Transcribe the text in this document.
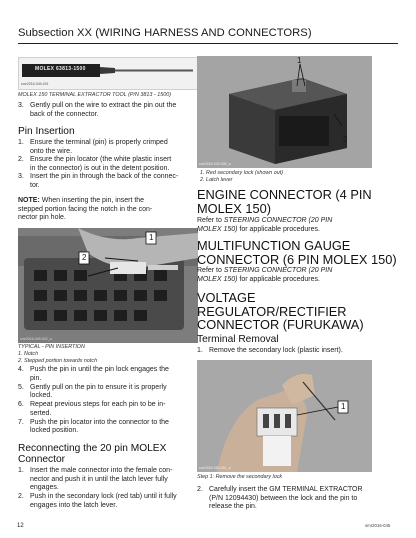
Subsection XX (WIRING HARNESS AND CONNECTORS)
MOLEX 63813-1500
smr2016-049-001
MOLEX 150 TERMINAL EXTRACTOR TOOL (P/N 3813 - 1500)
3. Gently pull on the wire to extract the pin out the
back of the connector.
Pin Insertion
1. Ensure the terminal (pin) is properly crimped
onto the wire.
2. Ensure the pin locator (the white plastic insert
in the connector) is out in the detent position.
3. Insert the pin in through the back of the connec-
tor.
NOTE: When inserting the pin, insert the
stepped portion facing the notch in the con-
nector pin hole.
1
2
smr2016-049-002_a
TYPICAL - PIN INSERTION
1. Notch
2. Stepped portion towards notch
4. Push the pin in until the pin lock engages the
pin.
5. Gently pull on the pin to ensure it is properly
locked.
6. Repeat previous steps for each pin to be in-
serted.
7. Push the pin locator into the connector to the
locked position.
Reconnecting the 20 pin MOLEX
Connector
1. Insert the male connector into the female con-
nector and push it in until the latch lever fully
engages.
2. Push in the secondary lock (red tab) until it fully
engages into the latch lever.
1
2
smr2016-049-005_a
1. Red secondary lock (shown out)
2. Latch lever
ENGINE CONNECTOR (4 PIN
MOLEX 150)
Refer to STEERING CONNECTOR (20 PIN
MOLEX 150) for applicable procedures.
MULTIFUNCTION GAUGE
CONNECTOR (6 PIN MOLEX 150)
Refer to STEERING CONNECTOR (20 PIN
MOLEX 150) for applicable procedures.
VOLTAGE
REGULATOR/RECTIFIER
CONNECTOR (FURUKAWA)
Terminal Removal
1. Remove the secondary lock (plastic insert).
1
smr2016-050-001_a
Step 1: Remove the secondary lock
2. Carefully insert the GM TERMINAL EXTRACTOR
(P/N 12094430) between the lock and the pin to
release the pin.
12	smr2016-045
